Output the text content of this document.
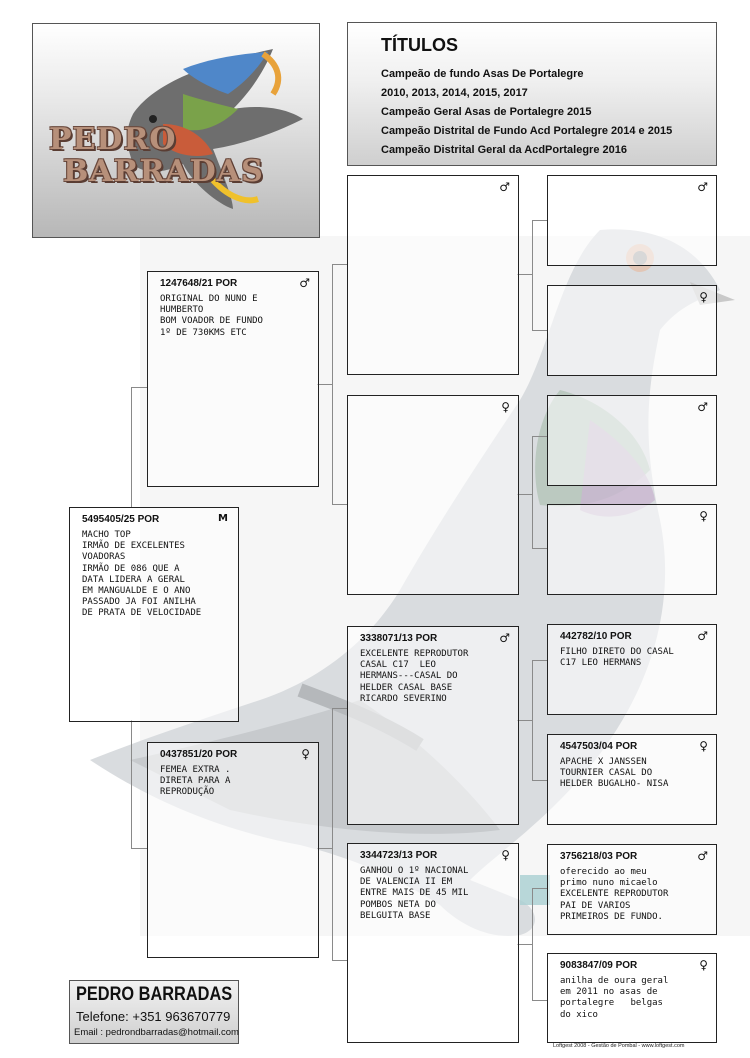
PEDRO
BARRADAS
TÍTULOS
Campeão de fundo Asas De Portalegre
2010, 2013, 2014, 2015, 2017
Campeão Geral Asas de Portalegre 2015
Campeão Distrital de Fundo Acd Portalegre 2014 e 2015
Campeão Distrital Geral da AcdPortalegre 2016
5495405/25 POR	M
MACHO TOP
IRMÃO DE EXCELENTES
VOADORAS
IRMÃO DE 086 QUE A
DATA LIDERA A GERAL
EM MANGUALDE E O ANO
PASSADO JA FOI ANILHA
DE PRATA DE VELOCIDADE
1247648/21 POR	♂
ORIGINAL DO NUNO E
HUMBERTO
BOM VOADOR DE FUNDO
1º DE 730KMS ETC
0437851/20 POR	♀
FEMEA EXTRA .
DIRETA PARA A
REPRODUÇÃO
♂
♀
3338071/13 POR	♂
EXCELENTE REPRODUTOR
CASAL C17  LEO
HERMANS---CASAL DO
HELDER CASAL BASE
RICARDO SEVERINO
3344723/13 POR	♀
GANHOU O 1º NACIONAL
DE VALENCIA II EM
ENTRE MAIS DE 45 MIL
POMBOS NETA DO
BELGUITA BASE
♂
♀
♂
♀
442782/10 POR	♂
FILHO DIRETO DO CASAL
C17 LEO HERMANS
4547503/04 POR	♀
APACHE X JANSSEN
TOURNIER CASAL DO
HELDER BUGALHO- NISA
3756218/03 POR	♂
oferecido ao meu
primo nuno micaelo
EXCELENTE REPRODUTOR
PAI DE VARIOS
PRIMEIROS DE FUNDO.
9083847/09 POR	♀
anilha de oura geral
em 2011 no asas de
portalegre   belgas
do xico
PEDRO BARRADAS
Telefone: +351 963670779
Email : pedrondbarradas@hotmail.com
Loftgest 2008 - Gestão de Pombal - www.loftgest.com
